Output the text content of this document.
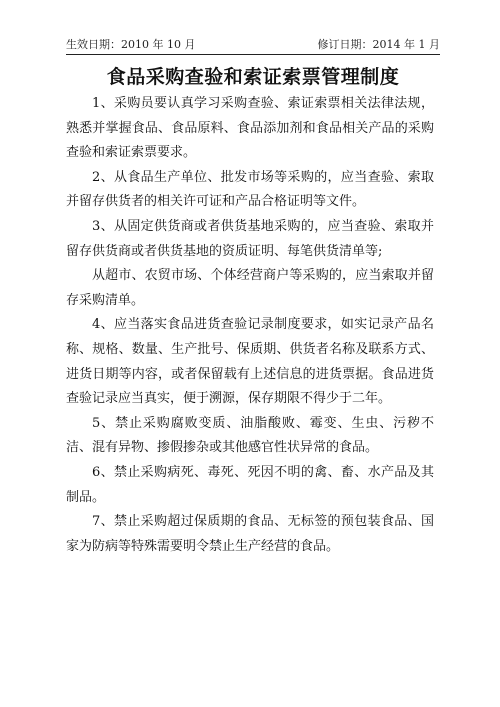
生效日期：2010 年 10 月	修订日期：2014 年 1 月
食品采购查验和索证索票管理制度

1、采购员要认真学习采购查验、索证索票相关法律法规，熟悉并掌握食品、食品原料、食品添加剂和食品相关产品的采购查验和索证索票要求。

2、从食品生产单位、批发市场等采购的，应当查验、索取并留存供货者的相关许可证和产品合格证明等文件。

3、从固定供货商或者供货基地采购的，应当查验、索取并留存供货商或者供货基地的资质证明、每笔供货清单等;

从超市、农贸市场、个体经营商户等采购的，应当索取并留存采购清单。

4、应当落实食品进货查验记录制度要求，如实记录产品名称、规格、数量、生产批号、保质期、供货者名称及联系方式、进货日期等内容，或者保留载有上述信息的进货票据。食品进货查验记录应当真实，便于溯源，保存期限不得少于二年。

5、禁止采购腐败变质、油脂酸败、霉变、生虫、污秽不洁、混有异物、掺假掺杂或其他感官性状异常的食品。

6、禁止采购病死、毒死、死因不明的禽、畜、水产品及其制品。

7、禁止采购超过保质期的食品、无标签的预包装食品、国家为防病等特殊需要明令禁止生产经营的食品。
